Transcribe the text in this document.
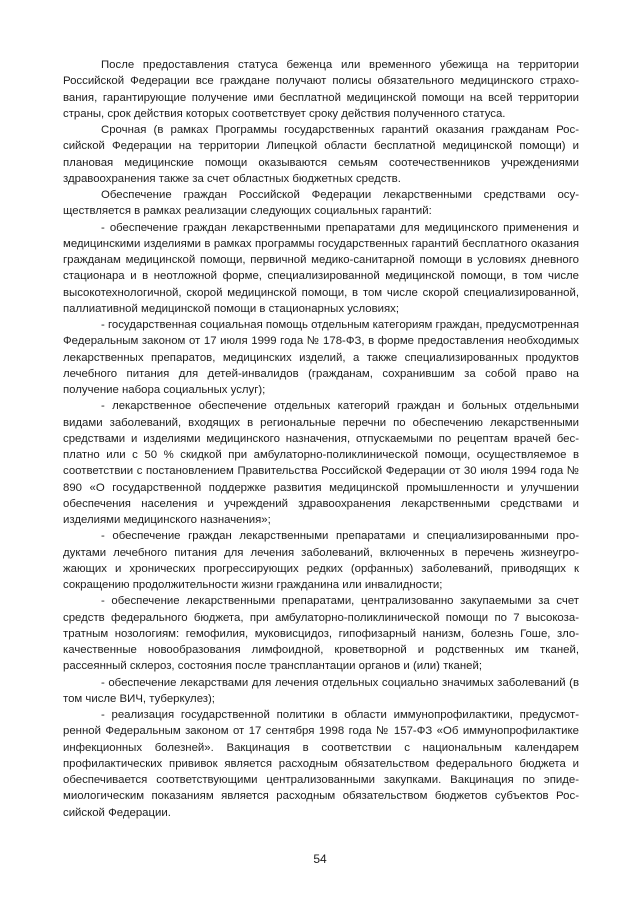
После предоставления статуса беженца или временного убежища на территории Российской Федерации все граждане получают полисы обязательного медицинского страхования, гарантирующие получение ими бесплатной медицинской помощи на всей территории страны, срок действия которых соответствует сроку действия полученного статуса.

Срочная (в рамках Программы государственных гарантий оказания гражданам Российской Федерации на территории Липецкой области бесплатной медицинской помощи) и плановая медицинские помощи оказываются семьям соотечественников учреждениями здравоохранения также за счет областных бюджетных средств.

Обеспечение граждан Российской Федерации лекарственными средствами осуществляется в рамках реализации следующих социальных гарантий:

- обеспечение граждан лекарственными препаратами для медицинского применения и медицинскими изделиями в рамках программы государственных гарантий бесплатного оказания гражданам медицинской помощи, первичной медико-санитарной помощи в условиях дневного стационара и в неотложной форме, специализированной медицинской помощи, в том числе высокотехнологичной, скорой медицинской помощи, в том числе скорой специализированной, паллиативной медицинской помощи в стационарных условиях;

- государственная социальная помощь отдельным категориям граждан, предусмотренная Федеральным законом от 17 июля 1999 года № 178-ФЗ, в форме предоставления необходимых лекарственных препаратов, медицинских изделий, а также специализированных продуктов лечебного питания для детей-инвалидов (гражданам, сохранившим за собой право на получение набора социальных услуг);

- лекарственное обеспечение отдельных категорий граждан и больных отдельными видами заболеваний, входящих в региональные перечни по обеспечению лекарственными средствами и изделиями медицинского назначения, отпускаемыми по рецептам врачей бесплатно или с 50 % скидкой при амбулаторно-поликлинической помощи, осуществляемое в соответствии с постановлением Правительства Российской Федерации от 30 июля 1994 года № 890 «О государственной поддержке развития медицинской промышленности и улучшении обеспечения населения и учреждений здравоохранения лекарственными средствами и изделиями медицинского назначения»;

- обеспечение граждан лекарственными препаратами и специализированными продуктами лечебного питания для лечения заболеваний, включенных в перечень жизнеугрожающих и хронических прогрессирующих редких (орфанных) заболеваний, приводящих к сокращению продолжительности жизни гражданина или инвалидности;

- обеспечение лекарственными препаратами, централизованно закупаемыми за счет средств федерального бюджета, при амбулаторно-поликлинической помощи по 7 высокозатратным нозологиям: гемофилия, муковисцидоз, гипофизарный нанизм, болезнь Гоше, злокачественные новообразования лимфоидной, кроветворной и родственных им тканей, рассеянный склероз, состояния после трансплантации органов и (или) тканей;

- обеспечение лекарствами для лечения отдельных социально значимых заболеваний (в том числе ВИЧ, туберкулез);

- реализация государственной политики в области иммунопрофилактики, предусмотренной Федеральным законом от 17 сентября 1998 года № 157-ФЗ «Об иммунопрофилактике инфекционных болезней». Вакцинация в соответствии с национальным календарем профилактических прививок является расходным обязательством федерального бюджета и обеспечивается соответствующими централизованными закупками. Вакцинация по эпидемиологическим показаниям является расходным обязательством бюджетов субъектов Российской Федерации.

54
